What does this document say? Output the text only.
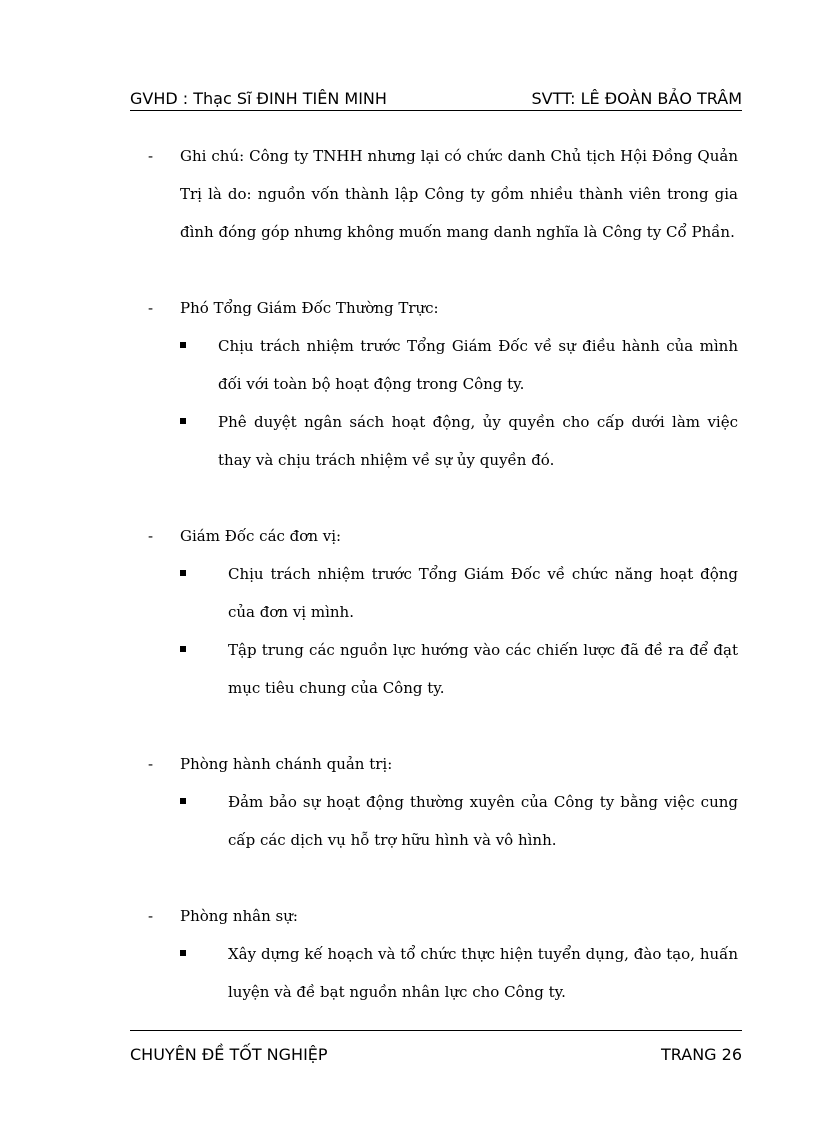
GVHD : Thạc Sĩ ĐINH TIÊN MINH	SVTT: LÊ ĐOÀN BẢO TRÂM
- Ghi chú: Công ty TNHH nhưng lại có chức danh Chủ tịch Hội Đồng Quản Trị là do: nguồn vốn thành lập Công ty gồm nhiều thành viên trong gia đình đóng góp nhưng không muốn mang danh nghĩa là Công ty Cổ Phần.
- Phó Tổng Giám Đốc Thường Trực:
Chịu trách nhiệm trước Tổng Giám Đốc về sự điều hành của mình đối với toàn bộ hoạt động trong Công ty.
Phê duyệt ngân sách hoạt động, ủy quyền cho cấp dưới làm việc thay và chịu trách nhiệm về sự ủy quyền đó.
- Giám Đốc các đơn vị:
Chịu trách nhiệm trước Tổng Giám Đốc về chức năng hoạt động của đơn vị mình.
Tập trung các nguồn lực hướng vào các chiến lược đã đề ra để đạt mục tiêu chung của Công ty.
- Phòng hành chánh quản trị:
Đảm bảo sự hoạt động thường xuyên của Công ty bằng việc cung cấp các dịch vụ hỗ trợ hữu hình và vô hình.
- Phòng nhân sự:
Xây dựng kế hoạch và tổ chức thực hiện tuyển dụng, đào tạo, huấn luyện và đề bạt nguồn nhân lực cho Công ty.
CHUYÊN ĐỀ TỐT NGHIỆP	TRANG 26
